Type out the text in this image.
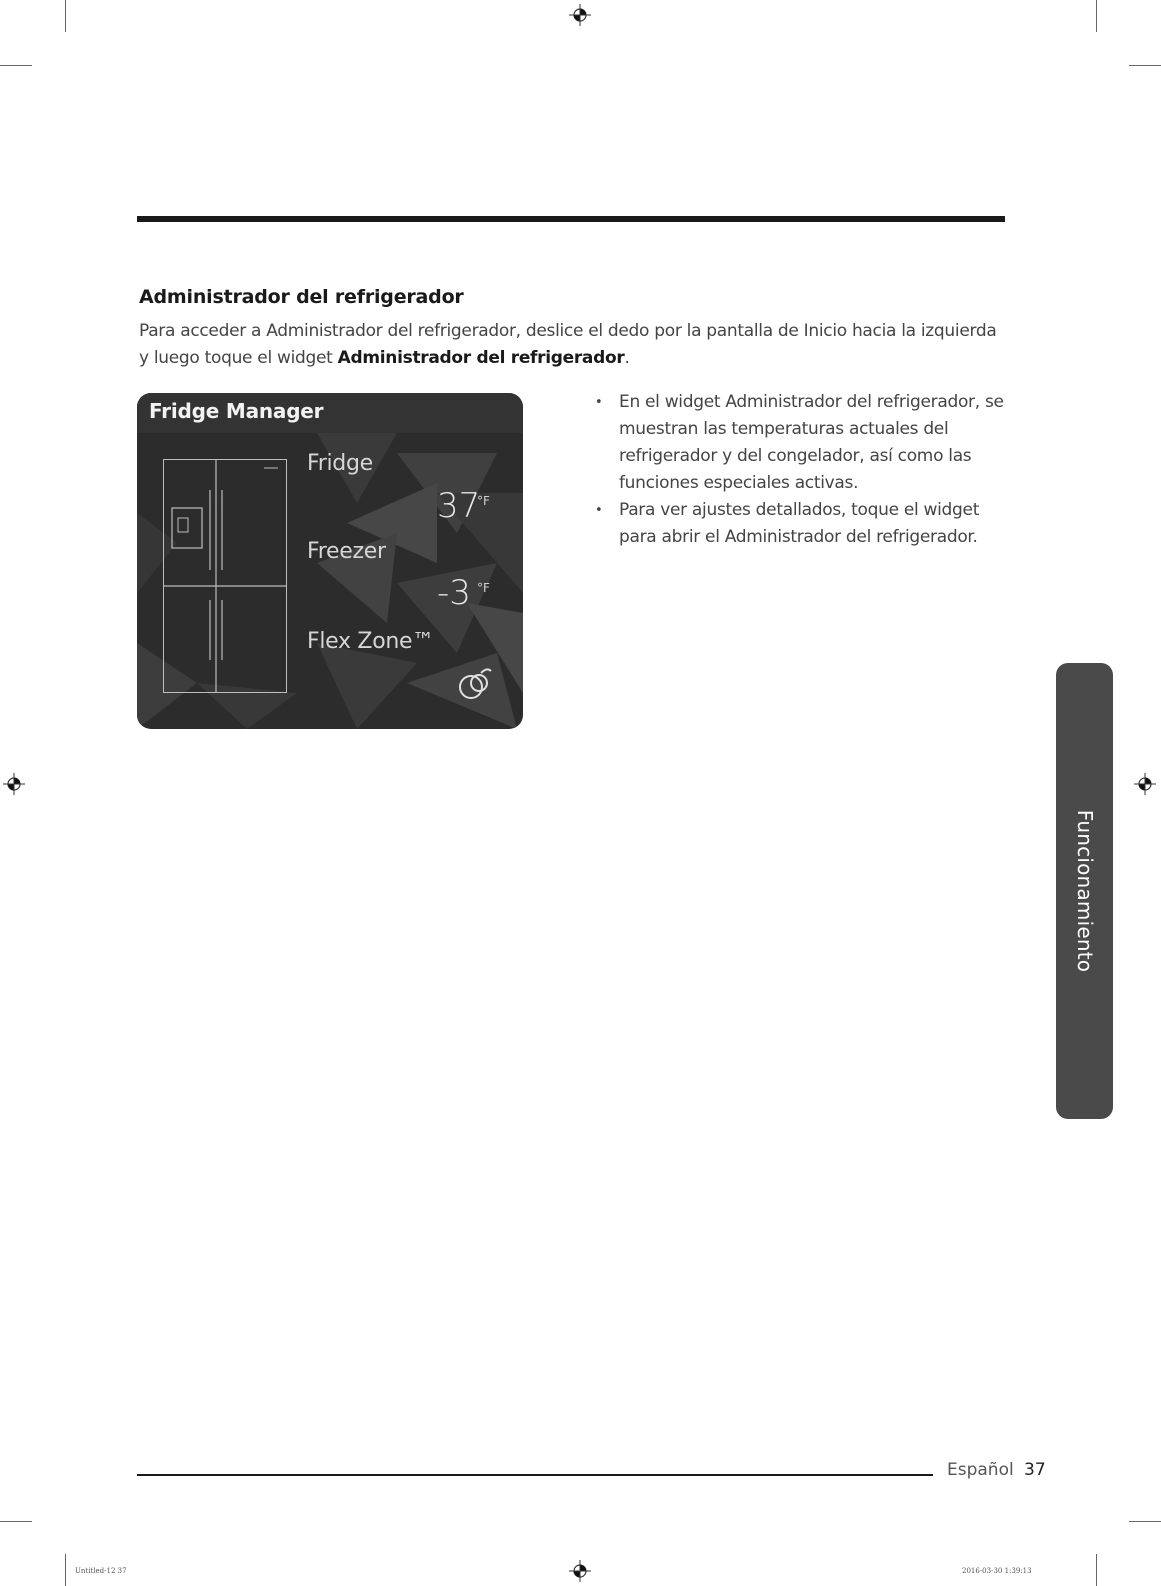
Administrador del refrigerador
Para acceder a Administrador del refrigerador, deslice el dedo por la pantalla de Inicio hacia la izquierda y luego toque el widget Administrador del refrigerador.
Fridge Manager
Fridge
37
°F
Freezer
-3 °F
Flex Zone™
• En el widget Administrador del refrigerador, se muestran las temperaturas actuales del refrigerador y del congelador, así como las funciones especiales activas.
• Para ver ajustes detallados, toque el widget para abrir el Administrador del refrigerador.
Funcionamiento
Español 37
Untitled-12 37	2016-03-30 1:39:13
